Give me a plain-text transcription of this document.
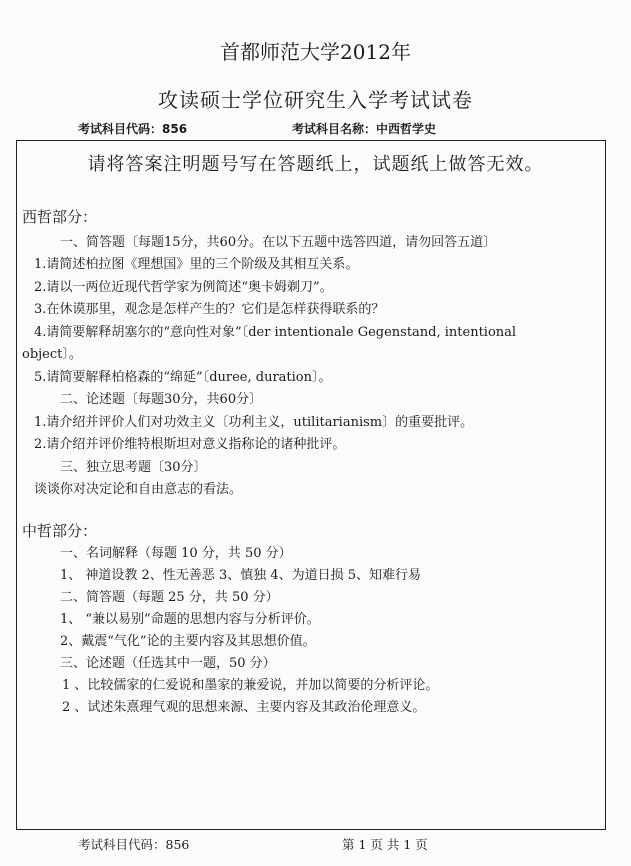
首都师范大学2012年
攻读硕士学位研究生入学考试试卷
考试科目代码：856	考试科目名称：中西哲学史
请将答案注明题号写在答题纸上，试题纸上做答无效。
西哲部分：
一、简答题〔每题15分，共60分。在以下五题中选答四道，请勿回答五道〕
1.请简述柏拉图《理想国》里的三个阶级及其相互关系。
2.请以一两位近现代哲学家为例简述“奥卡姆剃刀”。
3.在休谟那里，观念是怎样产生的？它们是怎样获得联系的？
4.请简要解释胡塞尔的“意向性对象”〔der intentionale Gegenstand, intentional
object〕。
5.请简要解释柏格森的“绵延”〔duree, duration〕。
二、论述题〔每题30分，共60分〕
1.请介绍并评价人们对功效主义〔功利主义，utilitarianism〕的重要批评。
2.请介绍并评价维特根斯坦对意义指称论的诸种批评。
三、独立思考题〔30分〕
谈谈你对决定论和自由意志的看法。
中哲部分：
一、名词解释（每题 10 分，共 50 分）
1、 神道设教 2、性无善恶 3、慎独 4、为道日损 5、知难行易
二、简答题（每题 25 分，共 50 分）
1、 “兼以易别”命题的思想内容与分析评价。
2、戴震“气化”论的主要内容及其思想价值。
三、论述题（任选其中一题，50 分）
1 、比较儒家的仁爱说和墨家的兼爱说，并加以简要的分析评论。
2 、试述朱熹理气观的思想来源、主要内容及其政治伦理意义。
考试科目代码：856	第 1 页 共 1 页
